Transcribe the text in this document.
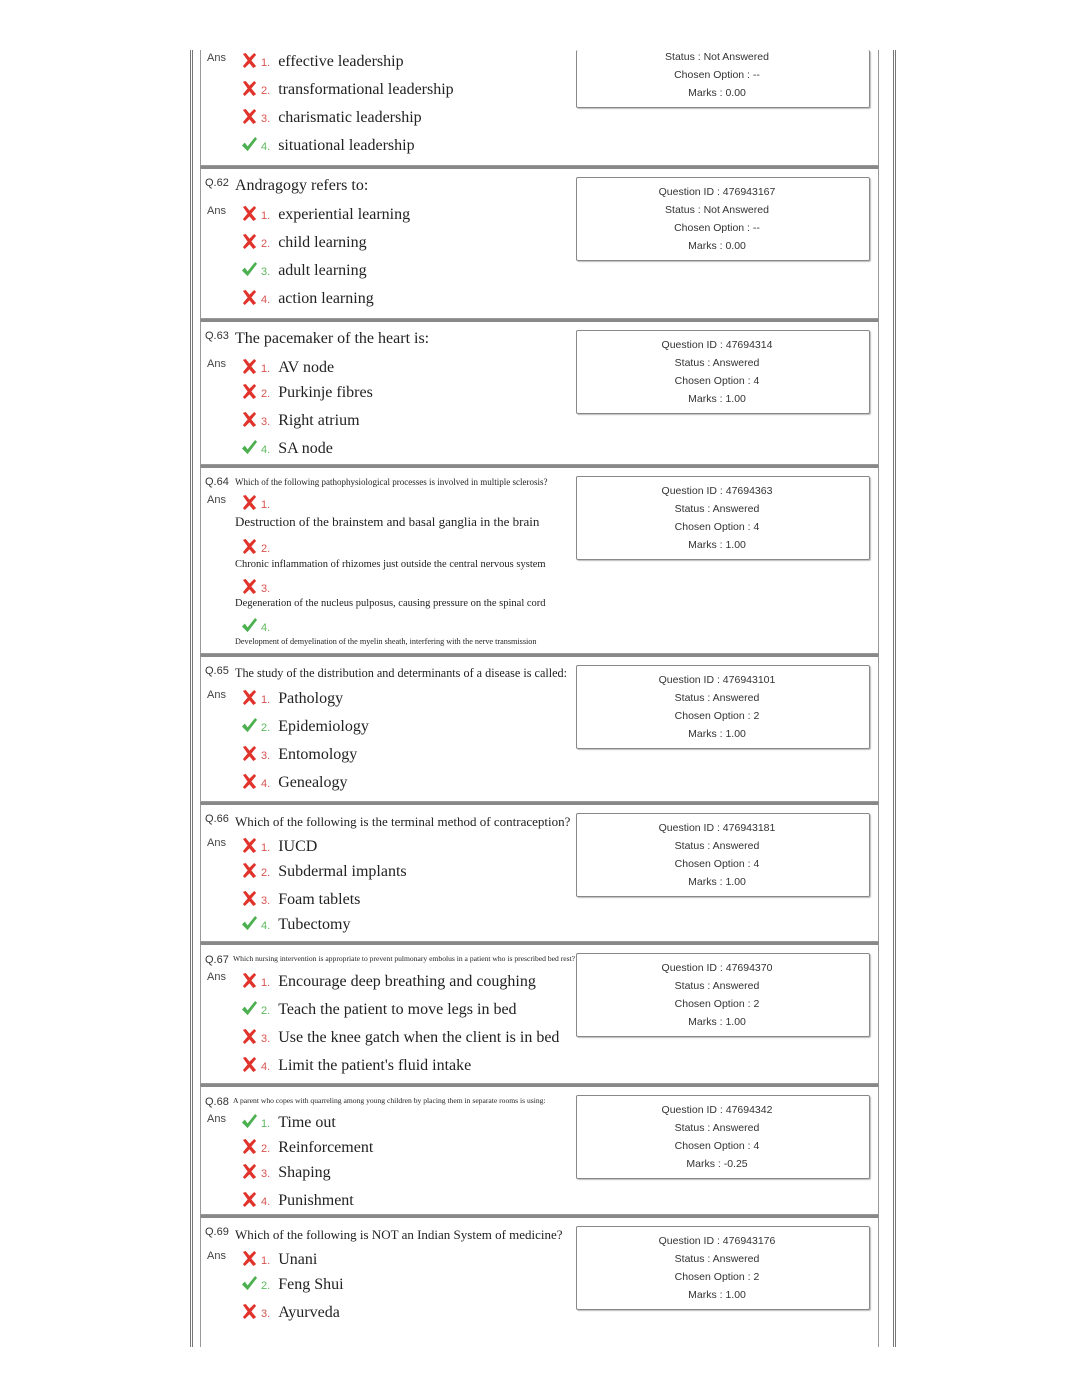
Ans	1. effective leadership
2. transformational leadership
3. charismatic leadership
4. situational leadership
Status : Not Answered
Chosen Option : --
Marks : 0.00
Q.62 Andragogy refers to:
Ans	1. experiential learning
2. child learning
3. adult learning
4. action learning
Question ID : 476943167
Status : Not Answered
Chosen Option : --
Marks : 0.00
Q.63 The pacemaker of the heart is:
Ans	1. AV node
2. Purkinje fibres
3. Right atrium
4. SA node
Question ID : 47694314
Status : Answered
Chosen Option : 4
Marks : 1.00
Q.64 Which of the following pathophysiological processes is involved in multiple sclerosis?
Ans	1.
Destruction of the brainstem and basal ganglia in the brain
2.
Chronic inflammation of rhizomes just outside the central nervous system
3.
Degeneration of the nucleus pulposus, causing pressure on the spinal cord
4.
Development of demyelination of the myelin sheath, interfering with the nerve transmission
Question ID : 47694363
Status : Answered
Chosen Option : 4
Marks : 1.00
Q.65 The study of the distribution and determinants of a disease is called:
Ans	1. Pathology
2. Epidemiology
3. Entomology
4. Genealogy
Question ID : 476943101
Status : Answered
Chosen Option : 2
Marks : 1.00
Q.66 Which of the following is the terminal method of contraception?
Ans	1. IUCD
2. Subdermal implants
3. Foam tablets
4. Tubectomy
Question ID : 476943181
Status : Answered
Chosen Option : 4
Marks : 1.00
Q.67 Which nursing intervention is appropriate to prevent pulmonary embolus in a patient who is prescribed bed rest?
Ans	1. Encourage deep breathing and coughing
2. Teach the patient to move legs in bed
3. Use the knee gatch when the client is in bed
4. Limit the patient's fluid intake
Question ID : 47694370
Status : Answered
Chosen Option : 2
Marks : 1.00
Q.68 A parent who copes with quarreling among young children by placing them in separate rooms is using:
Ans	1. Time out
2. Reinforcement
3. Shaping
4. Punishment
Question ID : 47694342
Status : Answered
Chosen Option : 4
Marks : -0.25
Q.69 Which of the following is NOT an Indian System of medicine?
Ans	1. Unani
2. Feng Shui
3. Ayurveda
Question ID : 476943176
Status : Answered
Chosen Option : 2
Marks : 1.00
